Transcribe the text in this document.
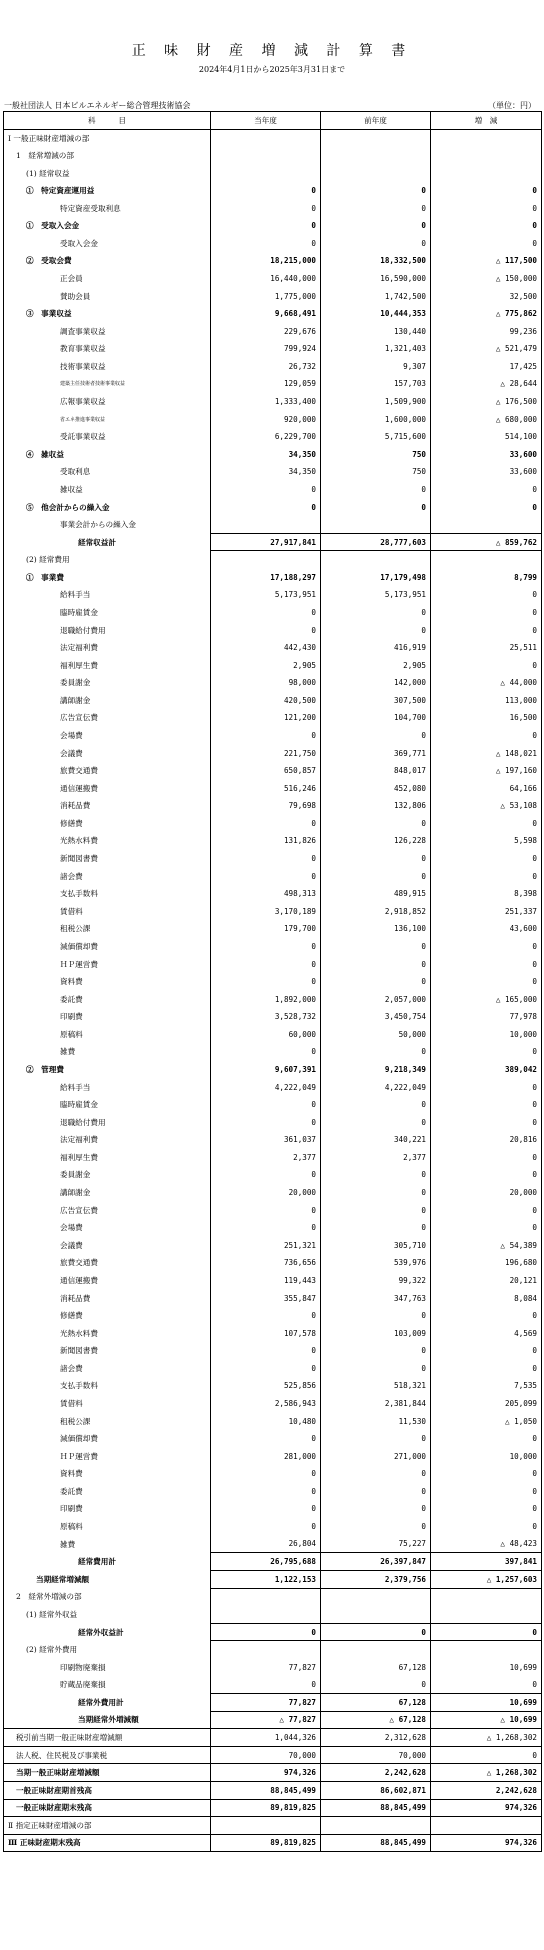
正 味 財 産 増 減 計 算 書
2024年4月1日から2025年3月31日まで
一般社団法人 日本ビルエネルギー総合管理技術協会	（単位：円）
科　　　目	当年度	前年度	増　減
Ⅰ 一般正味財産増減の部			
1　経常増減の部			
(1) 経常収益			
①　特定資産運用益	0	0	0
特定資産受取利息	0	0	0
①　受取入会金	0	0	0
受取入会金	0	0	0
②　受取会費	18,215,000	18,332,500	△ 117,500
正会員	16,440,000	16,590,000	△ 150,000
賛助会員	1,775,000	1,742,500	32,500
③　事業収益	9,668,491	10,444,353	△ 775,862
調査事業収益	229,676	130,440	99,236
教育事業収益	799,924	1,321,403	△ 521,479
技術事業収益	26,732	9,307	17,425
建築主任技術者技術事業収益	129,059	157,703	△ 28,644
広報事業収益	1,333,400	1,509,900	△ 176,500
省エネ推進事業収益	920,000	1,600,000	△ 680,000
受託事業収益	6,229,700	5,715,600	514,100
④　雑収益	34,350	750	33,600
受取利息	34,350	750	33,600
雑収益	0	0	0
⑤　他会計からの繰入金	0	0	0
事業会計からの繰入金			
経常収益計	27,917,841	28,777,603	△ 859,762
(2) 経常費用			
①　事業費	17,188,297	17,179,498	8,799
給料手当	5,173,951	5,173,951	0
臨時雇賃金	0	0	0
退職給付費用	0	0	0
法定福利費	442,430	416,919	25,511
福利厚生費	2,905	2,905	0
委員謝金	98,000	142,000	△ 44,000
講師謝金	420,500	307,500	113,000
広告宣伝費	121,200	104,700	16,500
会場費	0	0	0
会議費	221,750	369,771	△ 148,021
旅費交通費	650,857	848,017	△ 197,160
通信運搬費	516,246	452,080	64,166
消耗品費	79,698	132,806	△ 53,108
修繕費	0	0	0
光熱水料費	131,826	126,228	5,598
新聞図書費	0	0	0
諸会費	0	0	0
支払手数料	498,313	489,915	8,398
賃借料	3,170,189	2,918,852	251,337
租税公課	179,700	136,100	43,600
減価償却費	0	0	0
ＨＰ運営費	0	0	0
資料費	0	0	0
委託費	1,892,000	2,057,000	△ 165,000
印刷費	3,528,732	3,450,754	77,978
原稿料	60,000	50,000	10,000
雑費	0	0	0
②　管理費	9,607,391	9,218,349	389,042
給料手当	4,222,049	4,222,049	0
臨時雇賃金	0	0	0
退職給付費用	0	0	0
法定福利費	361,037	340,221	20,816
福利厚生費	2,377	2,377	0
委員謝金	0	0	0
講師謝金	20,000	0	20,000
広告宣伝費	0	0	0
会場費	0	0	0
会議費	251,321	305,710	△ 54,389
旅費交通費	736,656	539,976	196,680
通信運搬費	119,443	99,322	20,121
消耗品費	355,847	347,763	8,084
修繕費	0	0	0
光熱水料費	107,578	103,009	4,569
新聞図書費	0	0	0
諸会費	0	0	0
支払手数料	525,856	518,321	7,535
賃借料	2,586,943	2,381,844	205,099
租税公課	10,480	11,530	△ 1,050
減価償却費	0	0	0
ＨＰ運営費	281,000	271,000	10,000
資料費	0	0	0
委託費	0	0	0
印刷費	0	0	0
原稿料	0	0	0
雑費	26,804	75,227	△ 48,423
経常費用計	26,795,688	26,397,847	397,841
当期経常増減額	1,122,153	2,379,756	△ 1,257,603
2　経常外増減の部			
(1) 経常外収益			
経常外収益計	0	0	0
(2) 経常外費用			
印刷物廃棄損	77,827	67,128	10,699
貯蔵品廃棄損	0	0	0
経常外費用計	77,827	67,128	10,699
当期経常外増減額	△ 77,827	△ 67,128	△ 10,699
税引前当期一般正味財産増減額	1,044,326	2,312,628	△ 1,268,302
法人税、住民税及び事業税	70,000	70,000	0
当期一般正味財産増減額	974,326	2,242,628	△ 1,268,302
一般正味財産期首残高	88,845,499	86,602,871	2,242,628
一般正味財産期末残高	89,819,825	88,845,499	974,326
Ⅱ 指定正味財産増減の部			
Ⅲ 正味財産期末残高	89,819,825	88,845,499	974,326
